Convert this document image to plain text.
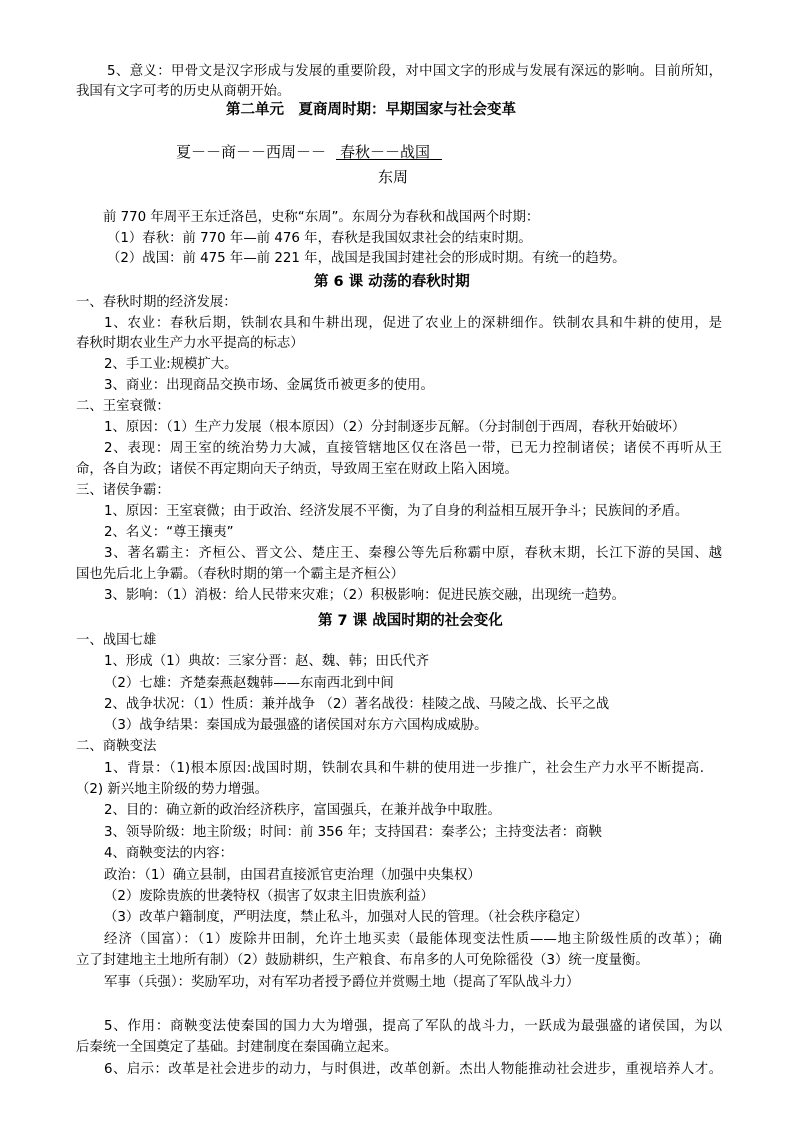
5、意义：甲骨文是汉字形成与发展的重要阶段，对中国文字的形成与发展有深远的影响。目前所知，
我国有文字可考的历史从商朝开始。
第二单元　夏商周时期：早期国家与社会变革
夏－－商－－西周－－ 春秋－－战国
东周
前 770 年周平王东迁洛邑，史称“东周”。东周分为春秋和战国两个时期：
（1）春秋：前 770 年—前 476 年，春秋是我国奴隶社会的结束时期。
（2）战国：前 475 年—前 221 年，战国是我国封建社会的形成时期。有统一的趋势。
第 6 课 动荡的春秋时期
一、春秋时期的经济发展：
1、农业：春秋后期，铁制农具和牛耕出现，促进了农业上的深耕细作。铁制农具和牛耕的使用，是
春秋时期农业生产力水平提高的标志）
2、手工业:规模扩大。
3、商业：出现商品交换市场、金属货币被更多的使用。
二、王室衰微：
1、原因：（1）生产力发展（根本原因）（2）分封制逐步瓦解。（分封制创于西周，春秋开始破坏）
2、表现：周王室的统治势力大减，直接管辖地区仅在洛邑一带，已无力控制诸侯；诸侯不再听从王
命，各自为政；诸侯不再定期向天子纳贡，导致周王室在财政上陷入困境。
三、诸侯争霸：
1、原因：王室衰微；由于政治、经济发展不平衡，为了自身的利益相互展开争斗；民族间的矛盾。
2、名义：“尊王攘夷”
3、著名霸主：齐桓公、晋文公、楚庄王、秦穆公等先后称霸中原，春秋末期，长江下游的吴国、越
国也先后北上争霸。（春秋时期的第一个霸主是齐桓公）
3、影响：（1）消极：给人民带来灾难；（2）积极影响：促进民族交融，出现统一趋势。
第 7 课 战国时期的社会变化
一、战国七雄
1、形成（1）典故：三家分晋：赵、魏、韩；田氏代齐
（2）七雄：齐楚秦燕赵魏韩——东南西北到中间
2、战争状况：（1）性质：兼并战争 （2）著名战役：桂陵之战、马陵之战、长平之战
（3）战争结果：秦国成为最强盛的诸侯国对东方六国构成威胁。
二、商鞅变法
1、背景：（1)根本原因:战国时期，铁制农具和牛耕的使用进一步推广，社会生产力水平不断提高.
（2) 新兴地主阶级的势力增强。
2、目的：确立新的政治经济秩序，富国强兵，在兼并战争中取胜。
3、领导阶级：地主阶级；时间：前 356 年；支持国君：秦孝公；主持变法者：商鞅
4、商鞅变法的内容：
政治：（1）确立县制，由国君直接派官吏治理（加强中央集权）
（2）废除贵族的世袭特权（损害了奴隶主旧贵族利益）
（3）改革户籍制度，严明法度，禁止私斗，加强对人民的管理。（社会秩序稳定）
经济（国富）：（1）废除井田制，允许土地买卖（最能体现变法性质——地主阶级性质的改革）；确
立了封建地主土地所有制）（2）鼓励耕织，生产粮食、布帛多的人可免除徭役（3）统一度量衡。
军事（兵强）：奖励军功，对有军功者授予爵位并赏赐土地（提高了军队战斗力）
5、作用：商鞅变法使秦国的国力大为增强，提高了军队的战斗力，一跃成为最强盛的诸侯国，为以
后秦统一全国奠定了基础。封建制度在秦国确立起来。
6、启示：改革是社会进步的动力，与时俱进，改革创新。杰出人物能推动社会进步，重视培养人才。
